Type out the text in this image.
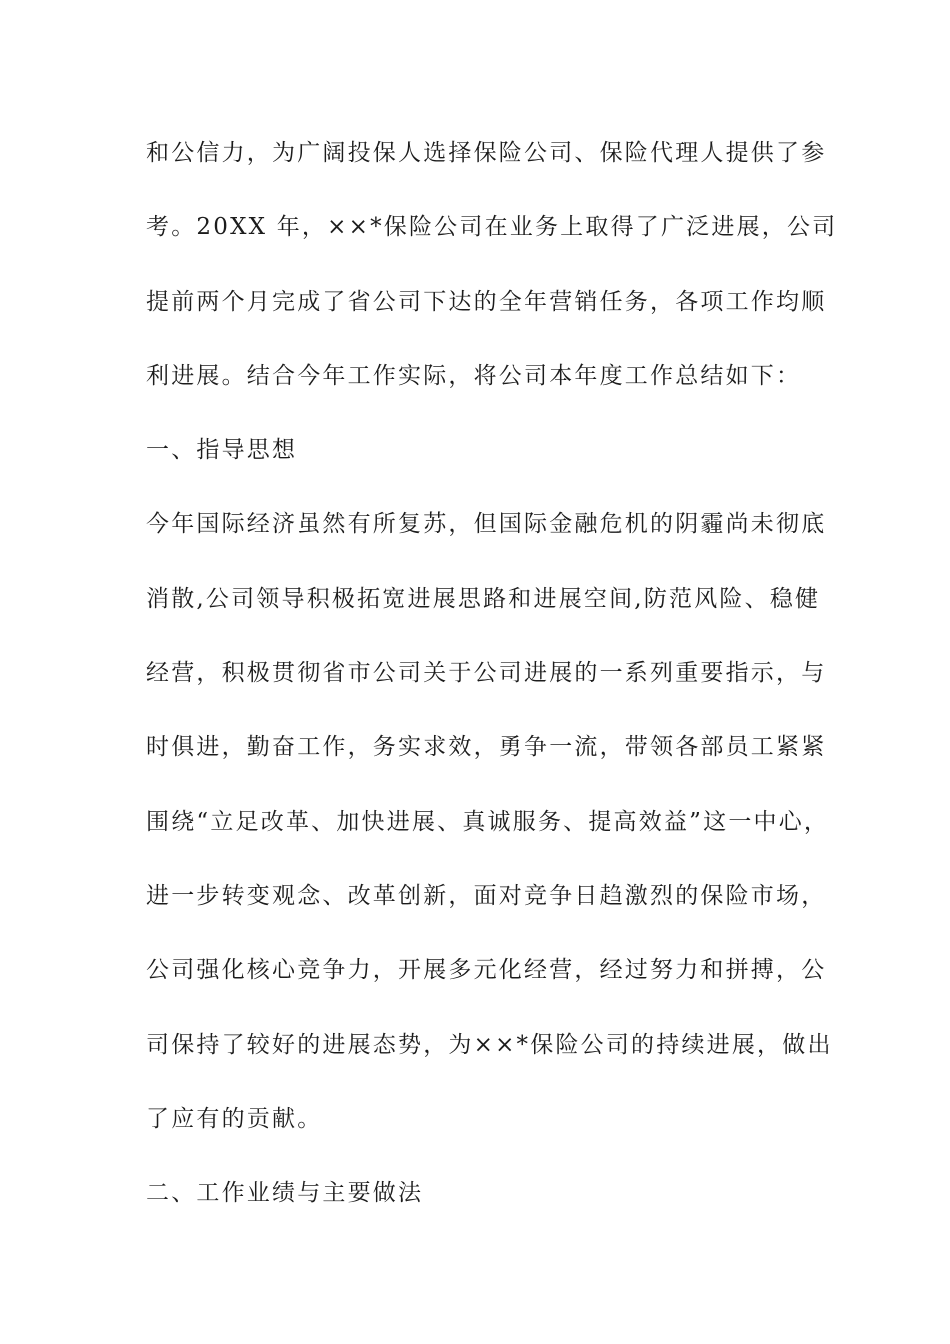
和公信力，为广阔投保人选择保险公司、保险代理人提供了参
考。20XX 年，××*保险公司在业务上取得了广泛进展，公司
提前两个月完成了省公司下达的全年营销任务，各项工作均顺
利进展。结合今年工作实际，将公司本年度工作总结如下：
一、指导思想
今年国际经济虽然有所复苏，但国际金融危机的阴霾尚未彻底
消散,公司领导积极拓宽进展思路和进展空间,防范风险、稳健
经营，积极贯彻省市公司关于公司进展的一系列重要指示，与
时俱进，勤奋工作，务实求效，勇争一流，带领各部员工紧紧
围绕“立足改革、加快进展、真诚服务、提高效益”这一中心，
进一步转变观念、改革创新，面对竞争日趋激烈的保险市场，
公司强化核心竞争力，开展多元化经营，经过努力和拼搏，公
司保持了较好的进展态势，为××*保险公司的持续进展，做出
了应有的贡献。
二、工作业绩与主要做法
